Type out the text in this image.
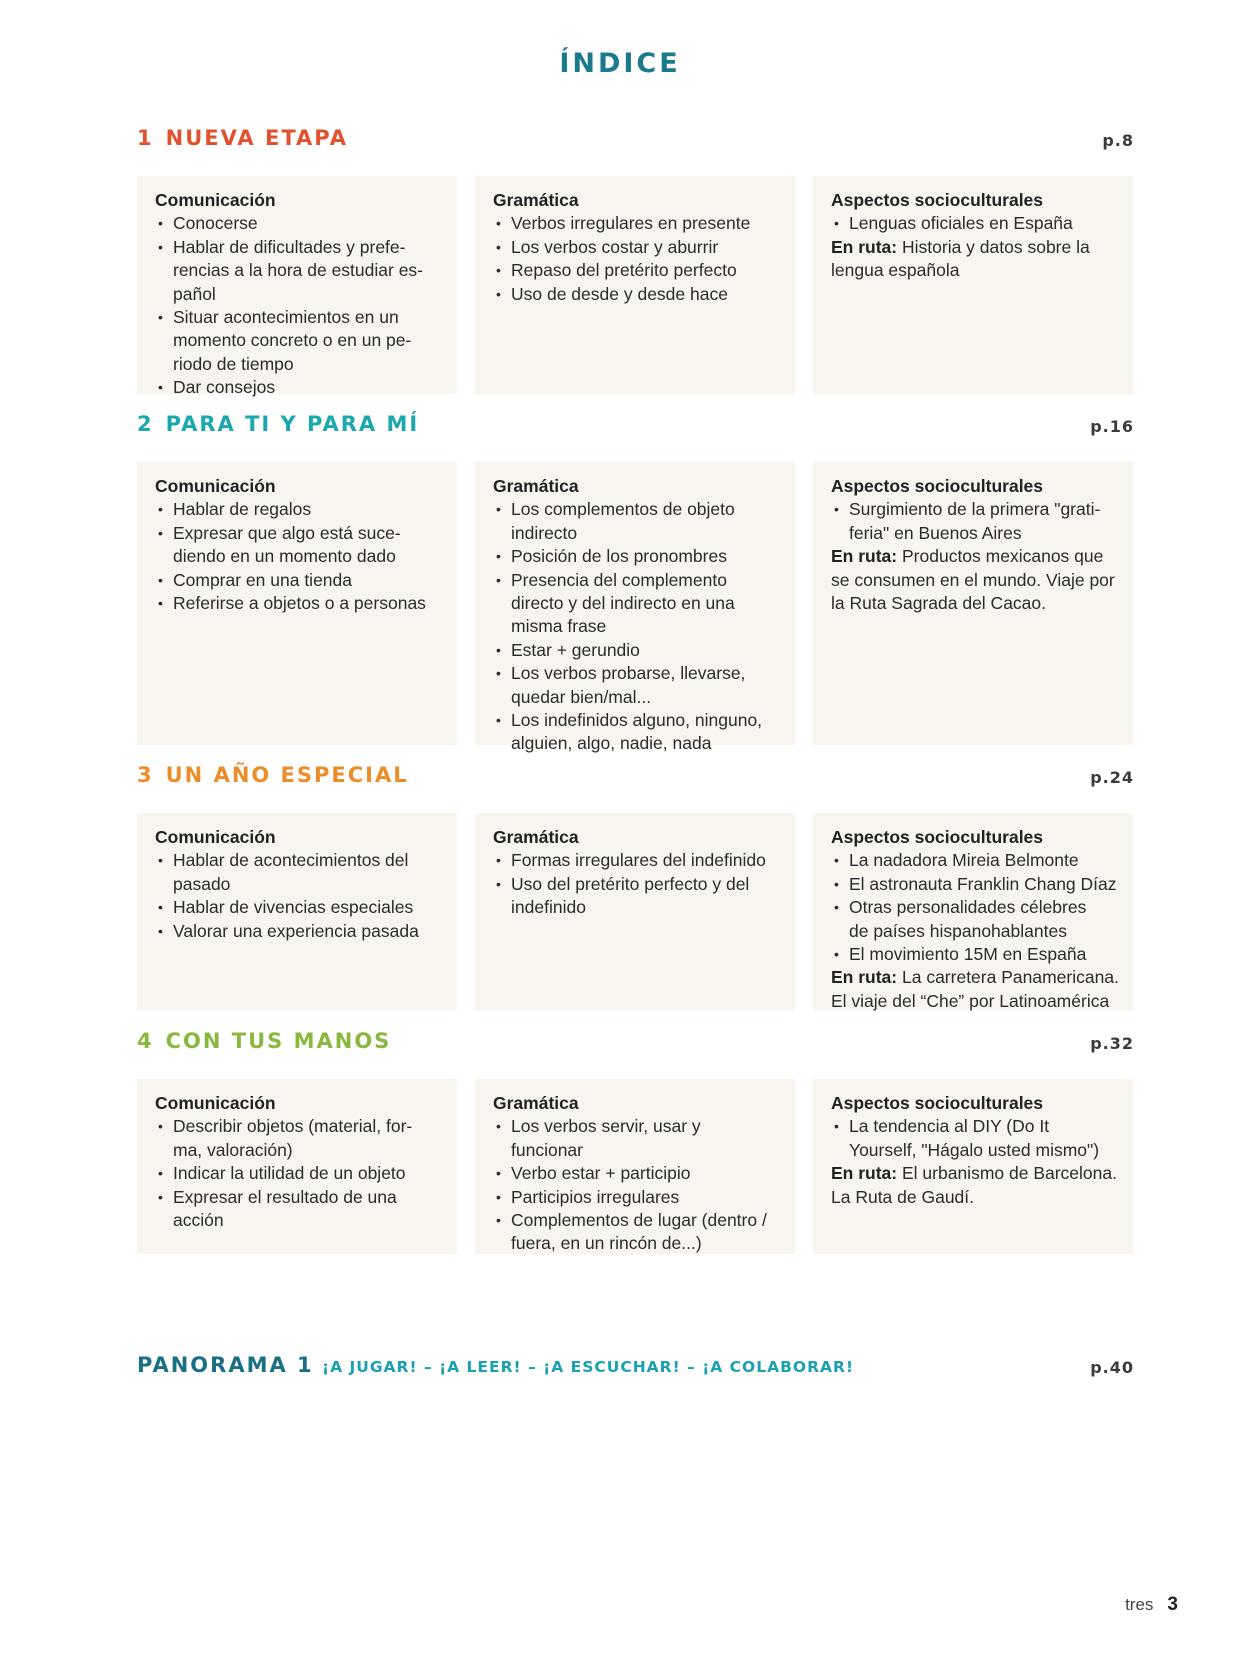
ÍNDICE
1 NUEVA ETAPA	p.8
Comunicación
• Conocerse
• Hablar de dificultades y prefe-
rencias a la hora de estudiar es-
pañol
• Situar acontecimientos en un
momento concreto o en un pe-
riodo de tiempo
• Dar consejos
Gramática
• Verbos irregulares en presente
• Los verbos costar y aburrir
• Repaso del pretérito perfecto
• Uso de desde y desde hace
Aspectos socioculturales
• Lenguas oficiales en España
En ruta: Historia y datos sobre la lengua española
2 PARA TI Y PARA MÍ	p.16
Comunicación
• Hablar de regalos
• Expresar que algo está suce-
diendo en un momento dado
• Comprar en una tienda
• Referirse a objetos o a personas
Gramática
• Los complementos de objeto
indirecto
• Posición de los pronombres
• Presencia del complemento
directo y del indirecto en una
misma frase
• Estar + gerundio
• Los verbos probarse, llevarse,
quedar bien/mal...
• Los indefinidos alguno, ninguno,
alguien, algo, nadie, nada
Aspectos socioculturales
• Surgimiento de la primera "grati-
feria" en Buenos Aires
En ruta: Productos mexicanos que se consumen en el mundo. Viaje por la Ruta Sagrada del Cacao.
3 UN AÑO ESPECIAL	p.24
Comunicación
• Hablar de acontecimientos del
pasado
• Hablar de vivencias especiales
• Valorar una experiencia pasada
Gramática
• Formas irregulares del indefinido
• Uso del pretérito perfecto y del
indefinido
Aspectos socioculturales
• La nadadora Mireia Belmonte
• El astronauta Franklin Chang Díaz
• Otras personalidades célebres
de países hispanohablantes
• El movimiento 15M en España
En ruta: La carretera Panamericana. El viaje del “Che” por Latinoamérica
4 CON TUS MANOS	p.32
Comunicación
• Describir objetos (material, for-
ma, valoración)
• Indicar la utilidad de un objeto
• Expresar el resultado de una
acción
Gramática
• Los verbos servir, usar y
funcionar
• Verbo estar + participio
• Participios irregulares
• Complementos de lugar (dentro /
fuera, en un rincón de...)
Aspectos socioculturales
• La tendencia al DIY (Do It
Yourself, "Hágalo usted mismo")
En ruta: El urbanismo de Barcelona. La Ruta de Gaudí.
PANORAMA 1 ¡A JUGAR! – ¡A LEER! – ¡A ESCUCHAR! – ¡A COLABORAR!	p.40
tres 3
